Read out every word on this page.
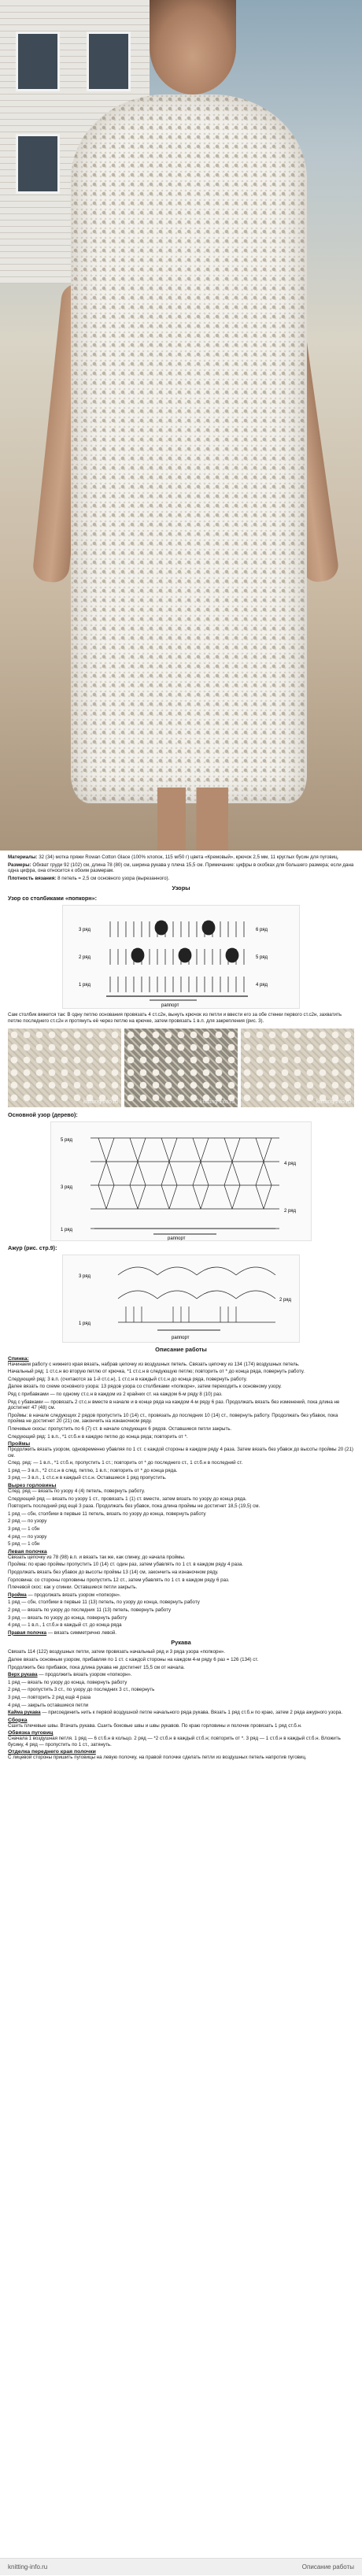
Материалы: 32 (34) мотка пряжи Rowan Cotton Glace (100% хлопок, 115 м/50 г) цвета «Кремовый», крючок 2,5 мм, 11 круглых бусин для пуговиц.

Размеры: Обхват груди 92 (102) см, длина 78 (80) см, ширина рукава у плеча 15,5 см. Примечание: цифры в скобках для большего размера; если дана одна цифра, она относится к обоим размерам.

Плотность вязания: 8 петель = 2,5 см основного узора (вырезанного).

Узоры
Узор со столбиками «попкорн»:
3 ряд
2 ряд
1 ряд
6 ряд
5 ряд
4 ряд
раппорт

Сам столбик вяжется так: В одну петлю основания провязать 4 ст.с2н, вынуть крючок из петли и ввести его за обе стенки первого ст.с2н, захватить петлю последнего ст.с2н и протянуть её через петлю на крючке, затем провязать 1 в.п. для закрепления (рис. 3).

knitting-info.ru	knitting-info.ru	knitting-info.ru
Основной узор (дерево):
5 ряд
3 ряд
1 ряд
4 ряд
2 ряд
раппорт
Ажур (рис. стр.9):
3 ряд
1 ряд
2 ряд
раппорт
Описание работы
Спинка:

Начинаем работу с нижнего края вязать, набрав цепочку из воздушных петель. Связать цепочку из 134 (174) воздушных петель.

Начальный ряд: 1 ст.с.н во вторую петлю от крючка, *1 ст.с.н в следующую петлю; повторить от * до конца ряда, повернуть работу.

Следующий ряд: 3 в.п. (считаются за 1-й ст.с.н), 1 ст.с.н в каждый ст.с.н до конца ряда, повернуть работу.

Далее вязать по схеме основного узора: 13 рядов узора со столбиками «попкорн», затем переходить к основному узору.

Ряд с прибавками — по одному ст.с.н в каждом из 2 крайних ст. на каждом 6-м ряду 8 (10) раз.

Ряд с убавками — провязать 2 ст.с.н вместе в начале и в конце ряда на каждом 4-м ряду 6 раз. Продолжать вязать без изменений, пока длина не достигнет 47 (48) см.

Проймы: в начале следующих 2 рядов пропустить 10 (14) ст., провязать до последних 10 (14) ст., повернуть работу. Продолжать без убавок, пока пройма не достигнет 20 (21) см, закончить на изнаночном ряду.

Плечевые скосы: пропустить по 6 (7) ст. в начале следующих 6 рядов. Оставшиеся петли закрыть.

Следующий ряд: 1 в.п., *1 ст.б.н в каждую петлю до конца ряда; повторить от *.

Проймы

Продолжить вязать узором, одновременно убавляя по 1 ст. с каждой стороны в каждом ряду 4 раза. Затем вязать без убавок до высоты проймы 20 (21) см.

След. ряд: — 1 в.п., *1 ст.б.н, пропустить 1 ст.; повторить от * до последнего ст., 1 ст.б.н в последний ст.

1 ряд — 3 в.п., *2 ст.с.н в след. петлю, 1 в.п.; повторить от * до конца ряда.

3 ряд — 3 в.п., 1 ст.с.н в каждый ст.с.н. Оставшиеся 1 ряд пропустить.

Вырез горловины

След. ряд — вязать по узору 4 (4) петель, повернуть работу.

Следующий ряд — вязать по узору 1 ст., провязать 1 (1) ст. вместе, затем вязать по узору до конца ряда.

Повторить последний ряд ещё 3 раза. Продолжать без убавок, пока длина проймы не достигнет 18,5 (19,5) см.

1 ряд — сбн, столбики в первые 11 петель, вязать по узору до конца, повернуть работу

2 ряд — по узору

3 ряд — 1 сбн

4 ряд — по узору

5 ряд — 1 сбн

Левая полочка

Связать цепочку из 78 (98) в.п. и вязать так же, как спинку, до начала проймы.

Пройма: по краю проймы пропустить 10 (14) ст. один раз, затем убавлять по 1 ст. в каждом ряду 4 раза.

Продолжать вязать без убавок до высоты проймы 13 (14) см, закончить на изнаночном ряду.

Горловина: со стороны горловины пропустить 12 ст., затем убавлять по 1 ст. в каждом ряду 6 раз.

Плечевой скос: как у спинки. Оставшиеся петли закрыть.

Пройма — продолжать вязать узором «попкорн».

1 ряд — сбн, столбики в первые 11 (13) петель, по узору до конца, повернуть работу

2 ряд — вязать по узору до последних 11 (13) петель, повернуть работу

3 ряд — вязать по узору до конца, повернуть работу

4 ряд — 1 в.п., 1 ст.б.н в каждый ст. до конца ряда

Правая полочка — вязать симметрично левой.

Рукава

Связать 114 (122) воздушных петли, затем провязать начальный ряд и 3 ряда узора «попкорн».

Далее вязать основным узором, прибавляя по 1 ст. с каждой стороны на каждом 4-м ряду 6 раз = 126 (134) ст.

Продолжить без прибавок, пока длина рукава не достигнет 15,5 см от начала.

Верх рукава — продолжить вязать узором «попкорн».

1 ряд — вязать по узору до конца, повернуть работу

2 ряд — пропустить 3 ст., по узору до последних 3 ст., повернуть

3 ряд — повторить 2 ряд ещё 4 раза

4 ряд — закрыть оставшиеся петли

Кайма рукава — присоединить нить к первой воздушной петле начального ряда рукава. Вязать 1 ряд ст.б.н по краю, затем 2 ряда ажурного узора.

Сборка

Сшить плечевые швы. Втачать рукава. Сшить боковые швы и швы рукавов. По краю горловины и полочек провязать 1 ряд ст.б.н.

Обвязка пуговиц

Сначала 1 воздушная петля. 1 ряд — 6 ст.б.н в кольцо. 2 ряд — *2 ст.б.н в каждый ст.б.н; повторить от *. 3 ряд — 1 ст.б.н в каждый ст.б.н. Вложить бусину, 4 ряд — пропустить по 1 ст., затянуть.

Отделка переднего края полочки

С лицевой стороны пришить пуговицы на левую полочку, на правой полочке сделать петли из воздушных петель напротив пуговиц.

knitting-info.ru	Описание работы
